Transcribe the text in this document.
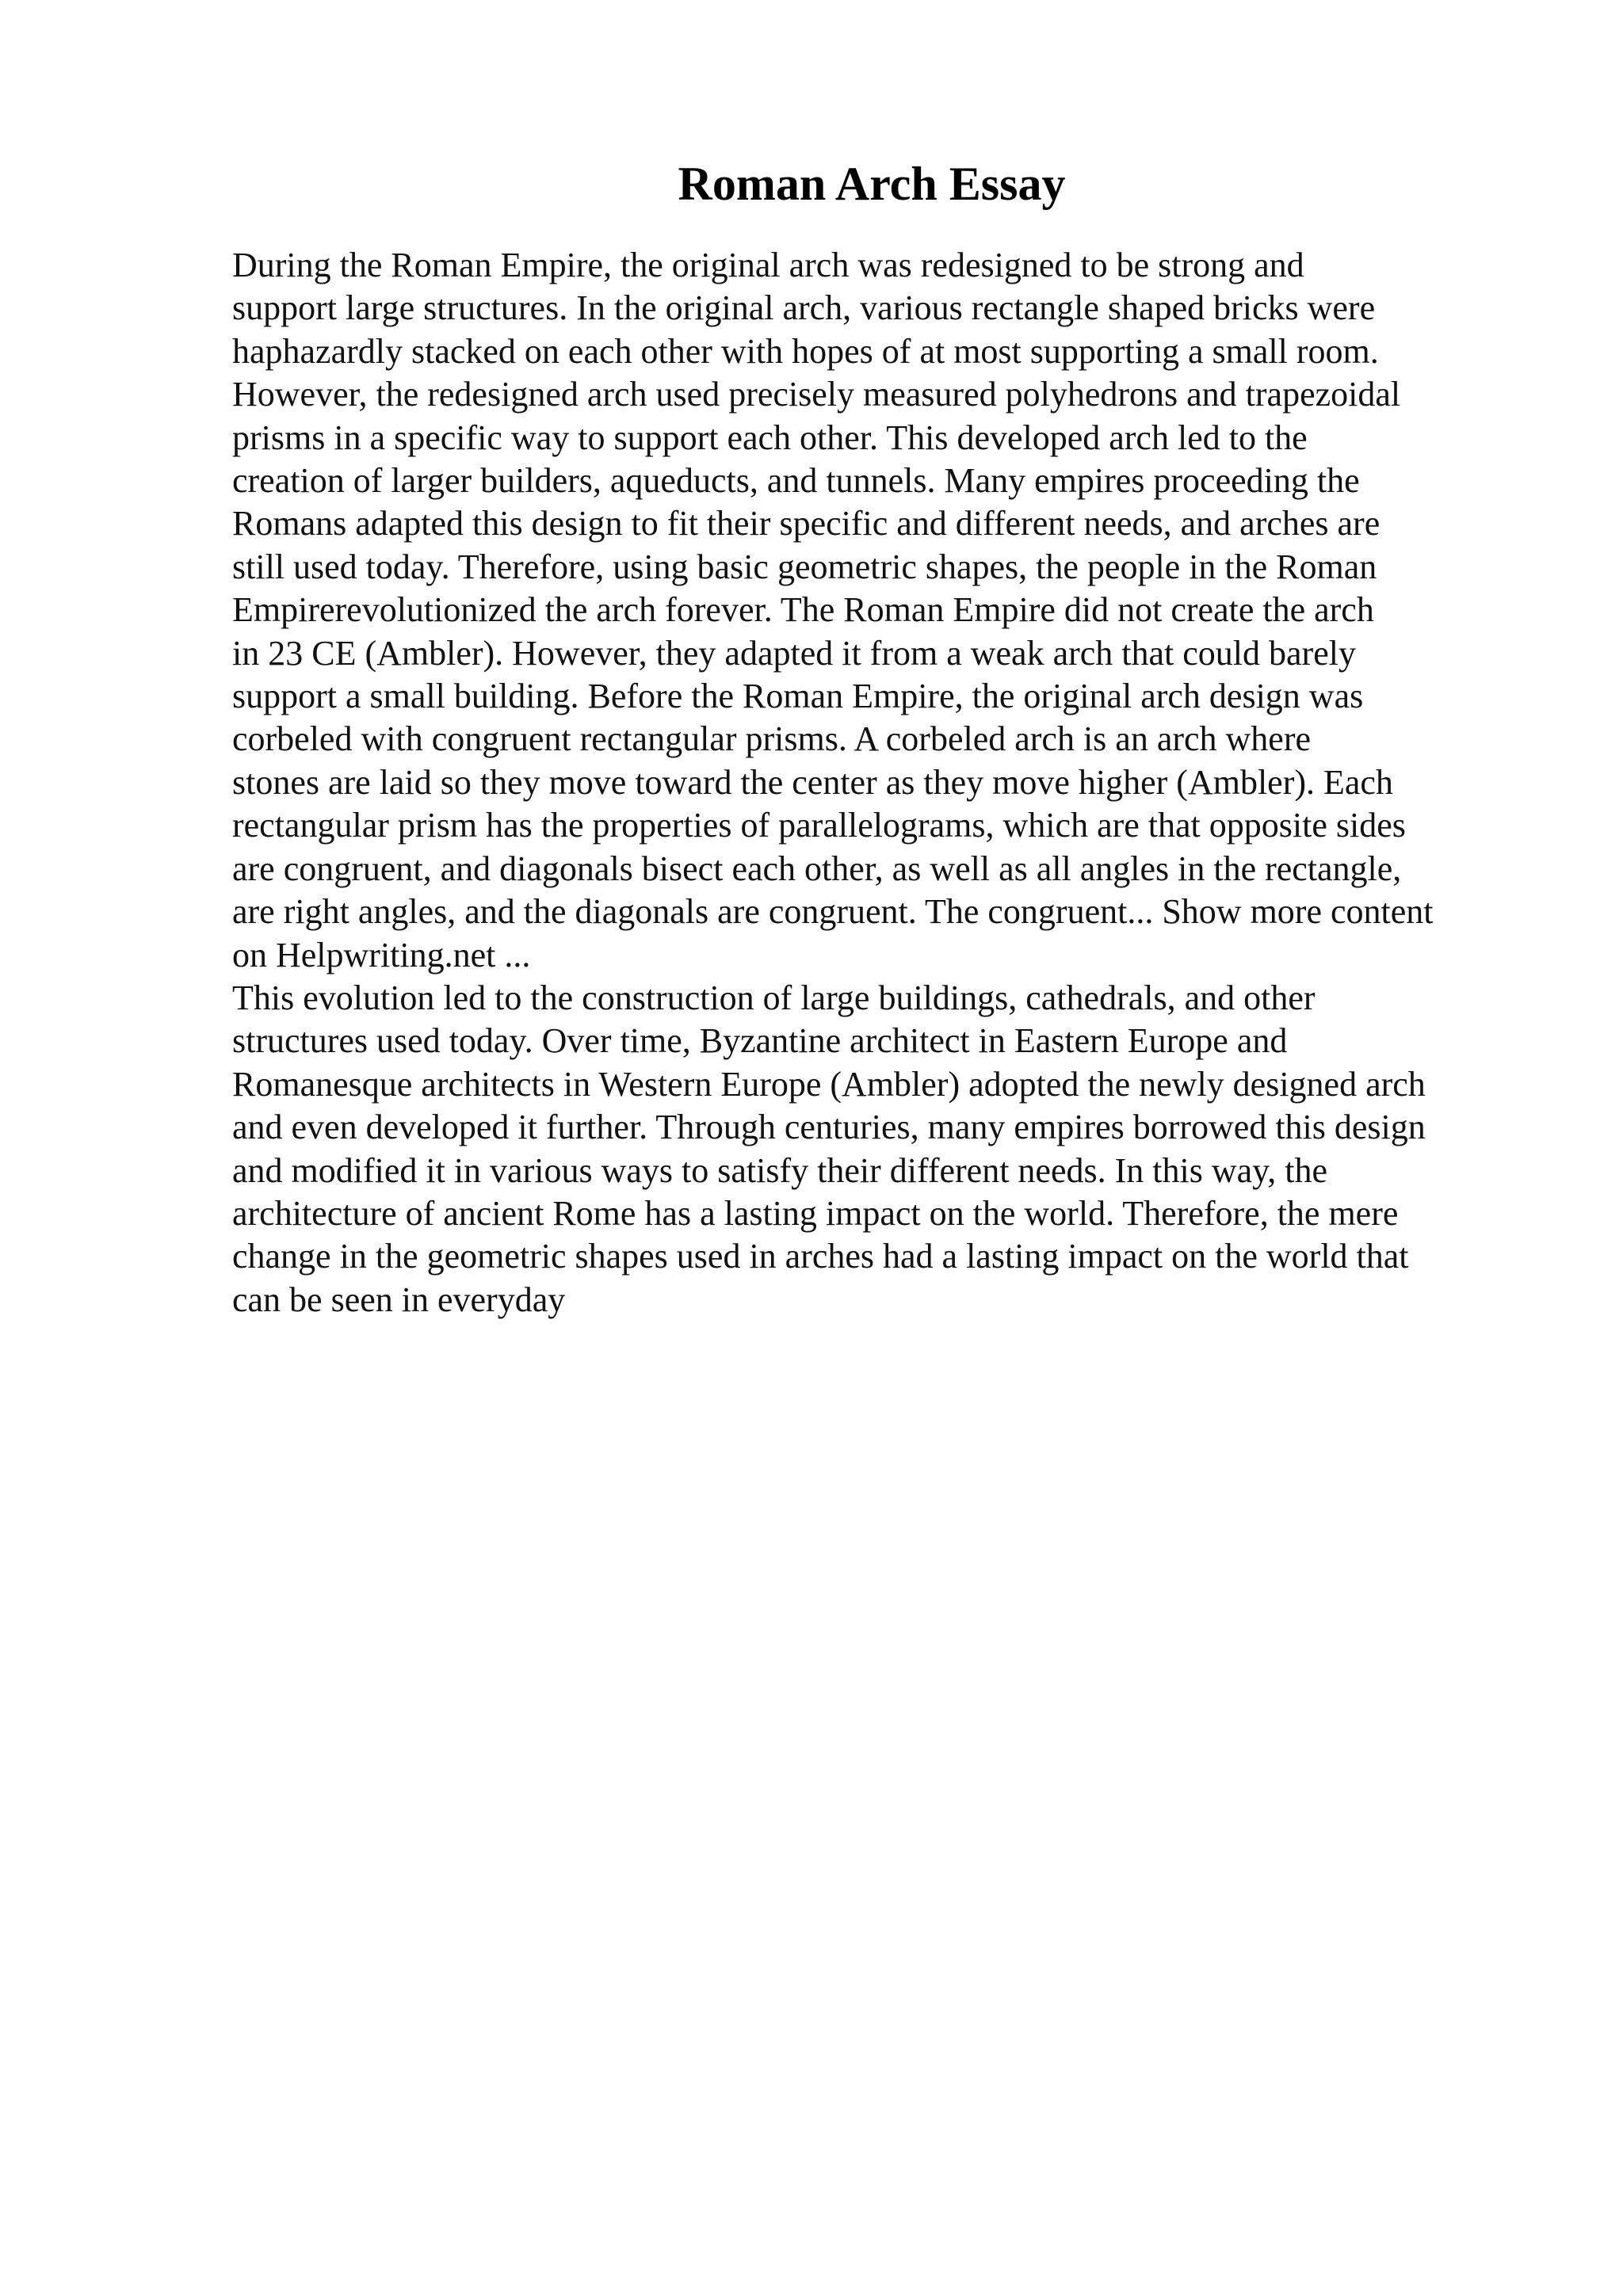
Roman Arch Essay
During the Roman Empire, the original arch was redesigned to be strong and
support large structures. In the original arch, various rectangle shaped bricks were
haphazardly stacked on each other with hopes of at most supporting a small room.
However, the redesigned arch used precisely measured polyhedrons and trapezoidal
prisms in a specific way to support each other. This developed arch led to the
creation of larger builders, aqueducts, and tunnels. Many empires proceeding the
Romans adapted this design to fit their specific and different needs, and arches are
still used today. Therefore, using basic geometric shapes, the people in the Roman
Empirerevolutionized the arch forever. The Roman Empire did not create the arch
in 23 CE (Ambler). However, they adapted it from a weak arch that could barely
support a small building. Before the Roman Empire, the original arch design was
corbeled with congruent rectangular prisms. A corbeled arch is an arch where
stones are laid so they move toward the center as they move higher (Ambler). Each
rectangular prism has the properties of parallelograms, which are that opposite sides
are congruent, and diagonals bisect each other, as well as all angles in the rectangle,
are right angles, and the diagonals are congruent. The congruent... Show more content
on Helpwriting.net ...
This evolution led to the construction of large buildings, cathedrals, and other
structures used today. Over time, Byzantine architect in Eastern Europe and
Romanesque architects in Western Europe (Ambler) adopted the newly designed arch
and even developed it further. Through centuries, many empires borrowed this design
and modified it in various ways to satisfy their different needs. In this way, the
architecture of ancient Rome has a lasting impact on the world. Therefore, the mere
change in the geometric shapes used in arches had a lasting impact on the world that
can be seen in everyday
